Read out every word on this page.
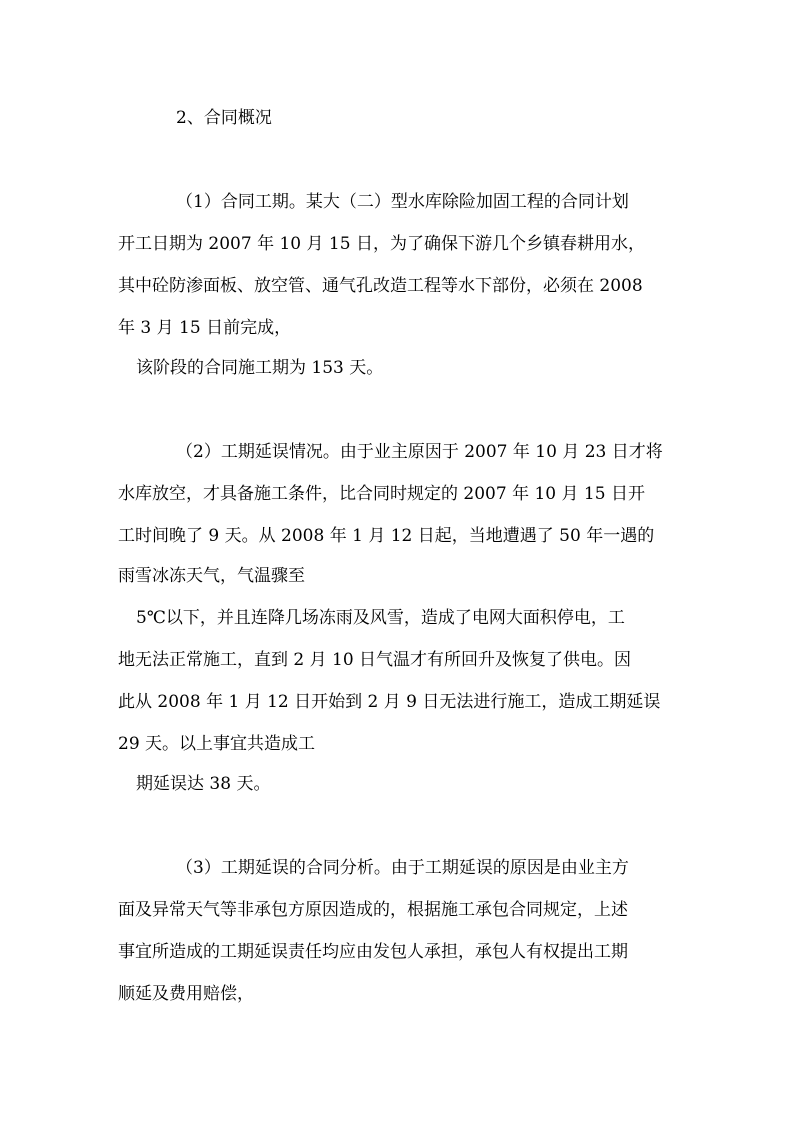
2、合同概况
（1）合同工期。某大（二）型水库除险加固工程的合同计划
开工日期为 2007 年 10 月 15 日，为了确保下游几个乡镇春耕用水，
其中砼防渗面板、放空管、通气孔改造工程等水下部份，必须在 2008
年 3 月 15 日前完成，
该阶段的合同施工期为 153 天。
（2）工期延误情况。由于业主原因于 2007 年 10 月 23 日才将
水库放空，才具备施工条件，比合同时规定的 2007 年 10 月 15 日开
工时间晚了 9 天。从 2008 年 1 月 12 日起，当地遭遇了 50 年一遇的
雨雪冰冻天气，气温骤至
5℃以下，并且连降几场冻雨及风雪，造成了电网大面积停电，工
地无法正常施工，直到 2 月 10 日气温才有所回升及恢复了供电。因
此从 2008 年 1 月 12 日开始到 2 月 9 日无法进行施工，造成工期延误
29 天。以上事宜共造成工
期延误达 38 天。
（3）工期延误的合同分析。由于工期延误的原因是由业主方
面及异常天气等非承包方原因造成的，根据施工承包合同规定，上述
事宜所造成的工期延误责任均应由发包人承担，承包人有权提出工期
顺延及费用赔偿，
